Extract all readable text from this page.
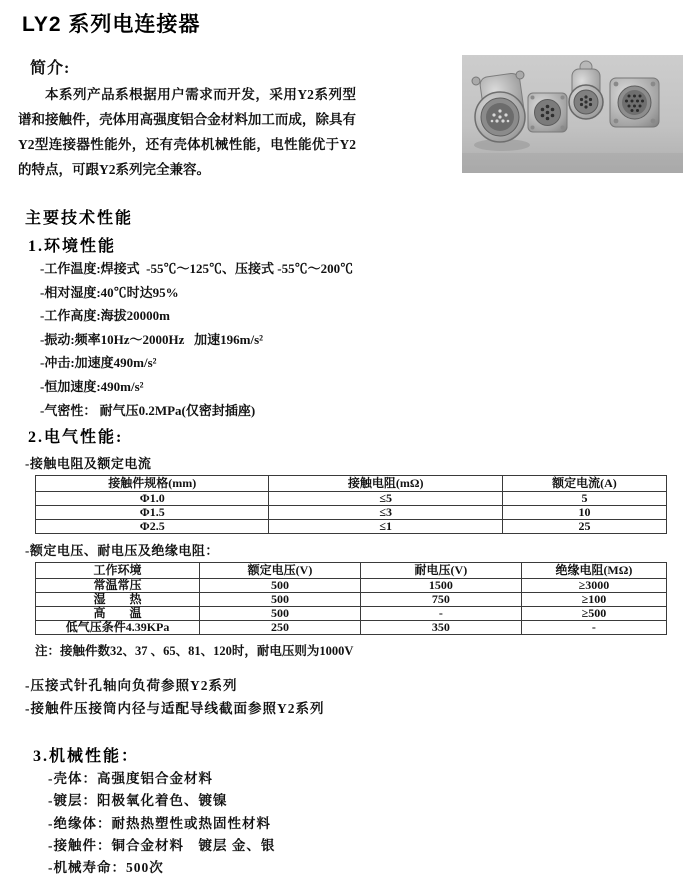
LY2 系列电连接器
简介:
本系列产品系根据用户需求而开发，采用Y2系列型谱和接触件，壳体用高强度铝合金材料加工而成，除具有Y2型连接器性能外，还有壳体机械性能，电性能优于Y2的特点，可跟Y2系列完全兼容。
主要技术性能
1.环境性能
-工作温度:焊接式  -55℃～125℃、压接式 -55℃～200℃
-相对湿度:40℃时达95%
-工作高度:海拔20000m
-振动:频率10Hz～2000Hz   加速196m/s²
-冲击:加速度490m/s²
-恒加速度:490m/s²
-气密性： 耐气压0.2MPa(仅密封插座)
2.电气性能:
-接触电阻及额定电流
接触件规格(mm)	接触电阻(mΩ)	额定电流(A)
Φ1.0	≤5	5
Φ1.5	≤3	10
Φ2.5	≤1	25
-额定电压、耐电压及绝缘电阻：
工作环境	额定电压(V)	耐电压(V)	绝缘电阻(MΩ)
常温常压	500	1500	≥3000
湿　　热	500	750	≥100
高　　温	500	-	≥500
低气压条件4.39KPa	250	350	-
注：接触件数32、37 、65、81、120时，耐电压则为1000V
-压接式针孔轴向负荷参照Y2系列
-接触件压接筒内径与适配导线截面参照Y2系列
3.机械性能：
-壳体：高强度铝合金材料
-镀层：阳极氧化着色、镀镍
-绝缘体：耐热热塑性或热固性材料
-接触件：铜合金材料　镀层 金、银
-机械寿命：500次
